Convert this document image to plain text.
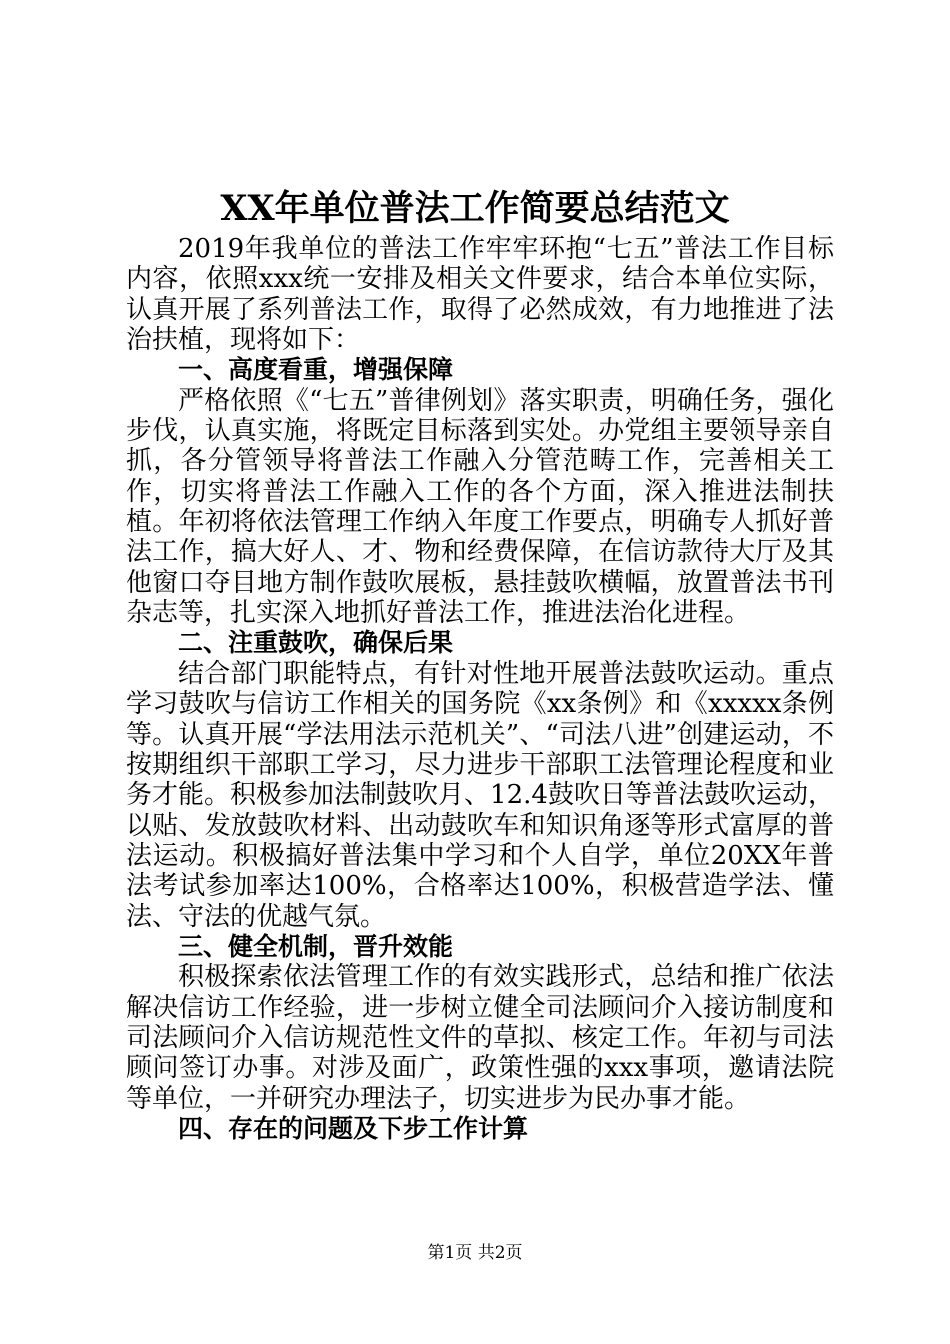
XX年单位普法工作简要总结范文

2019年我单位的普法工作牢牢环抱“七五”普法工作目标内容，依照xxx统一安排及相关文件要求，结合本单位实际，认真开展了系列普法工作，取得了必然成效，有力地推进了法治扶植，现将如下：

一、高度看重，增强保障

严格依照《“七五”普律例划》落实职责，明确任务，强化步伐，认真实施，将既定目标落到实处。办党组主要领导亲自抓，各分管领导将普法工作融入分管范畴工作，完善相关工作，切实将普法工作融入工作的各个方面，深入推进法制扶植。年初将依法管理工作纳入年度工作要点，明确专人抓好普法工作，搞大好人、才、物和经费保障，在信访款待大厅及其他窗口夺目地方制作鼓吹展板，悬挂鼓吹横幅，放置普法书刊杂志等，扎实深入地抓好普法工作，推进法治化进程。

二、注重鼓吹，确保后果

结合部门职能特点，有针对性地开展普法鼓吹运动。重点学习鼓吹与信访工作相关的国务院《xx条例》和《xxxxx条例等。认真开展“学法用法示范机关”、“司法八进”创建运动，不按期组织干部职工学习，尽力进步干部职工法管理论程度和业务才能。积极参加法制鼓吹月、12.4鼓吹日等普法鼓吹运动，以贴、发放鼓吹材料、出动鼓吹车和知识角逐等形式富厚的普法运动。积极搞好普法集中学习和个人自学，单位20XX年普法考试参加率达100%，合格率达100%，积极营造学法、懂法、守法的优越气氛。

三、健全机制，晋升效能

积极探索依法管理工作的有效实践形式，总结和推广依法解决信访工作经验，进一步树立健全司法顾问介入接访制度和司法顾问介入信访规范性文件的草拟、核定工作。年初与司法顾问签订办事。对涉及面广，政策性强的xxx事项，邀请法院等单位，一并研究办理法子，切实进步为民办事才能。

四、存在的问题及下步工作计算

第1页 共2页
